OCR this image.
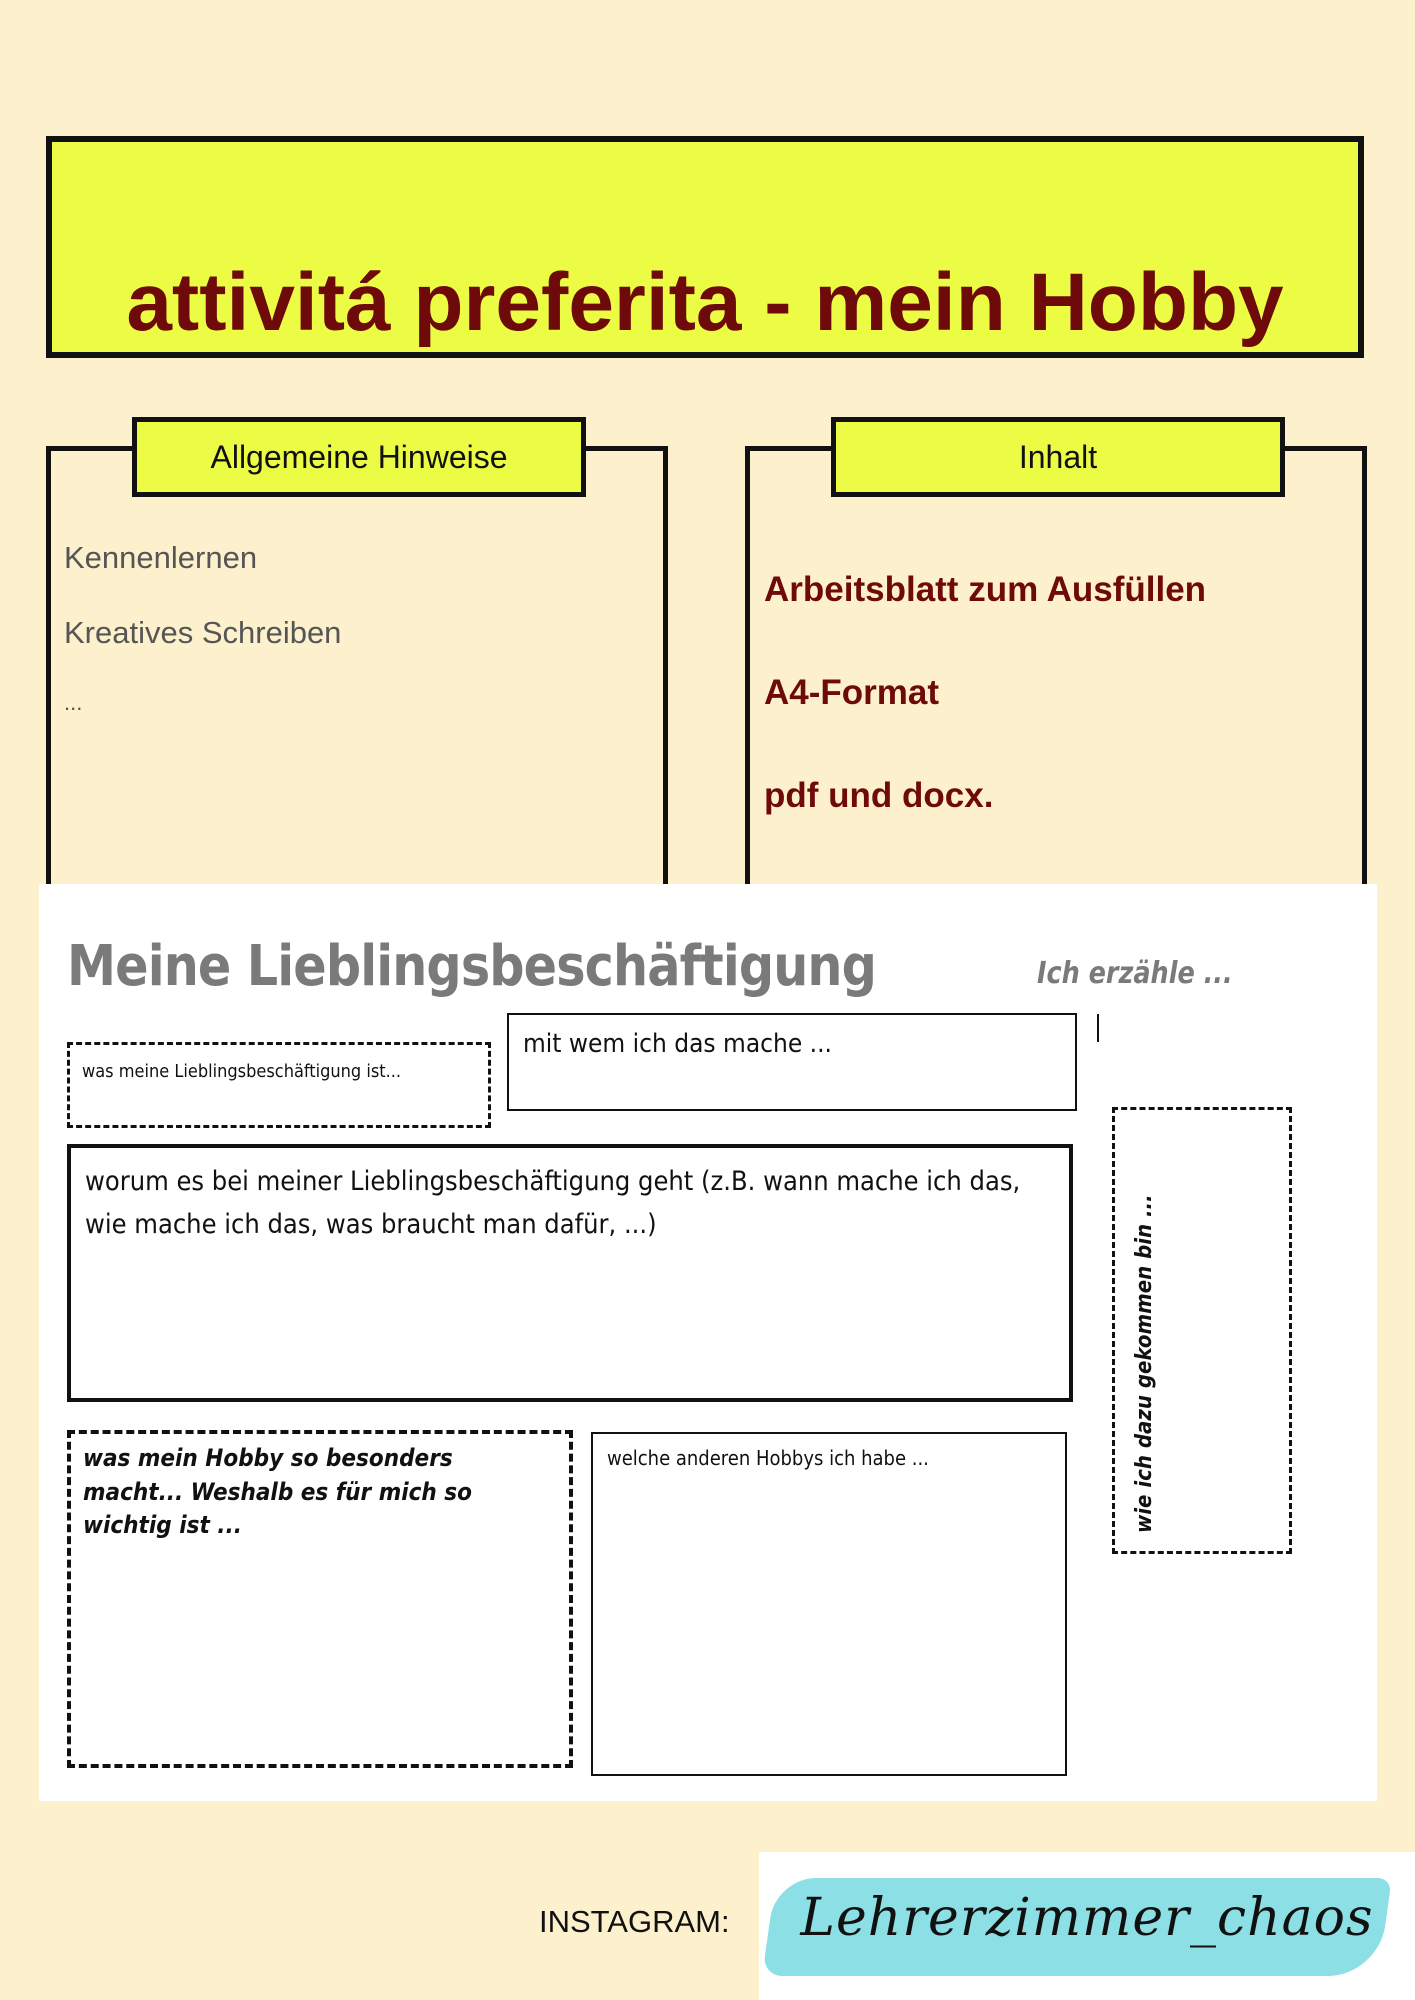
attivitá preferita - mein Hobby
Allgemeine Hinweise
Kennenlernen
Kreatives Schreiben
...
Inhalt
Arbeitsblatt zum Ausfüllen
A4-Format
pdf und docx.
Meine Lieblingsbeschäftigung	Ich erzähle ...
was meine Lieblingsbeschäftigung ist...
mit wem ich das mache ...
worum es bei meiner Lieblingsbeschäftigung geht (z.B. wann mache ich das, wie mache ich das, was braucht man dafür, ...)
was mein Hobby so besonders macht... Weshalb es für mich so wichtig ist ...
welche anderen Hobbys ich habe ...	wie ich dazu gekommen bin ...
INSTAGRAM:	Lehrerzimmer_chaos
